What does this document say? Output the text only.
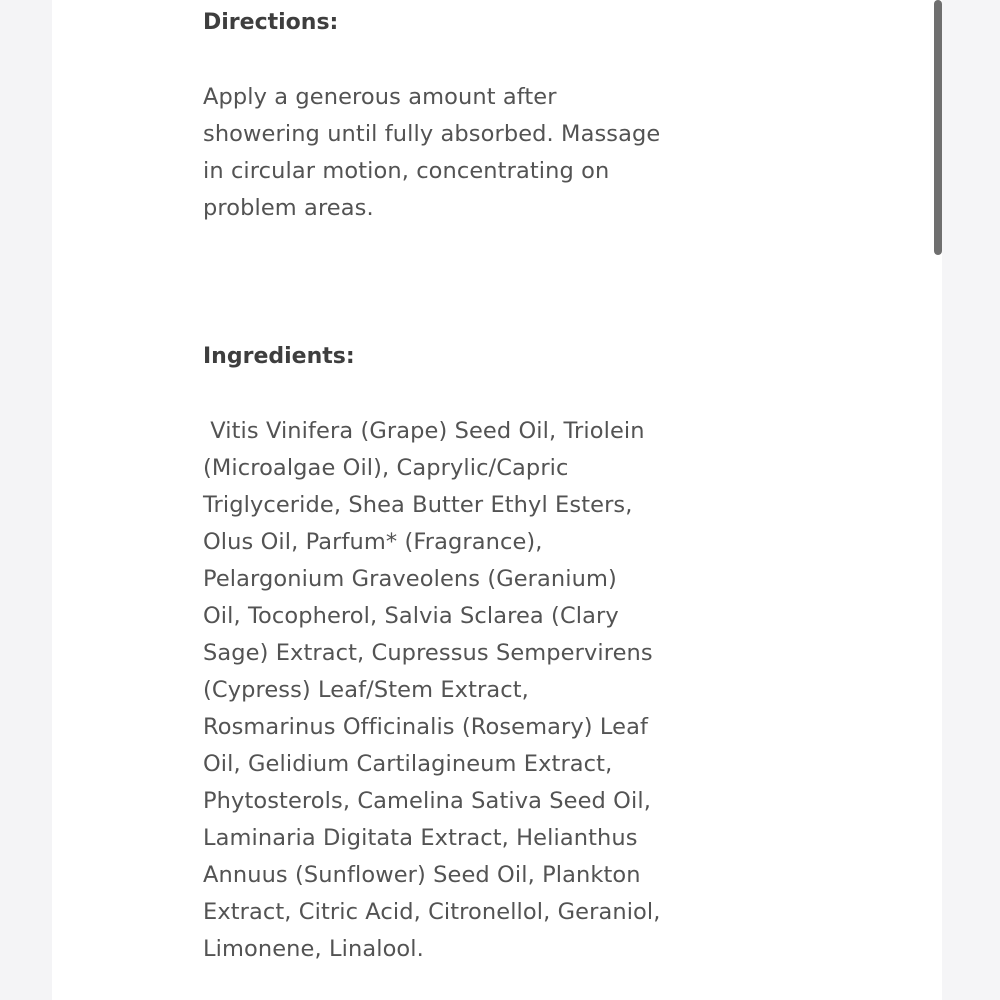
Directions:

Apply a generous amount after
showering until fully absorbed. Massage
in circular motion, concentrating on
problem areas.

Ingredients:

Vitis Vinifera (Grape) Seed Oil, Triolein
(Microalgae Oil), Caprylic/Capric
Triglyceride, Shea Butter Ethyl Esters,
Olus Oil, Parfum* (Fragrance),
Pelargonium Graveolens (Geranium)
Oil, Tocopherol, Salvia Sclarea (Clary
Sage) Extract, Cupressus Sempervirens
(Cypress) Leaf/Stem Extract,
Rosmarinus Officinalis (Rosemary) Leaf
Oil, Gelidium Cartilagineum Extract,
Phytosterols, Camelina Sativa Seed Oil,
Laminaria Digitata Extract, Helianthus
Annuus (Sunflower) Seed Oil, Plankton
Extract, Citric Acid, Citronellol, Geraniol,
Limonene, Linalool.
